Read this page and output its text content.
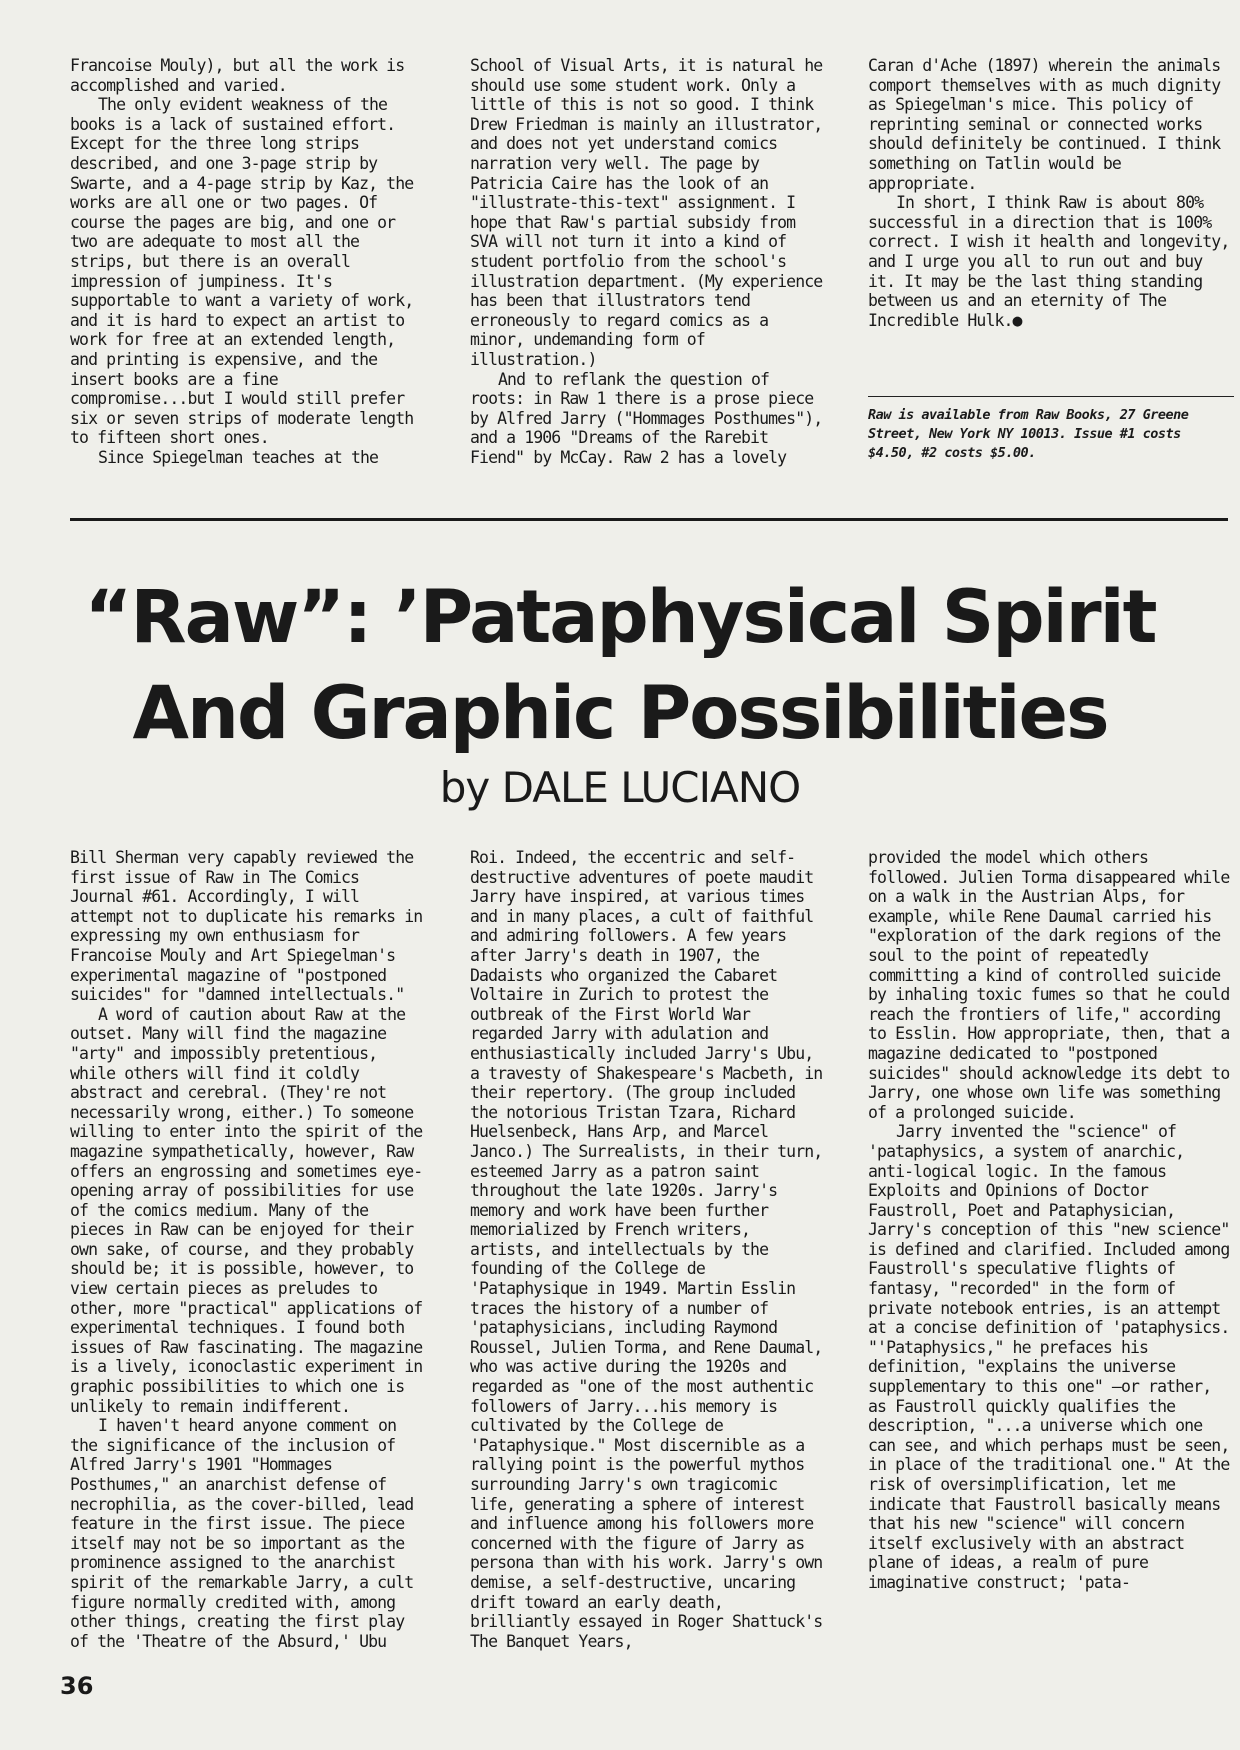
Francoise Mouly), but all the work is accomplished and varied.

The only evident weakness of the books is a lack of sustained effort. Except for the three long strips described, and one 3-page strip by Swarte, and a 4-page strip by Kaz, the works are all one or two pages. Of course the pages are big, and one or two are adequate to most all the strips, but there is an overall impression of jumpiness. It's supportable to want a variety of work, and it is hard to expect an artist to work for free at an extended length, and printing is expensive, and the insert books are a fine compromise...but I would still prefer six or seven strips of moderate length to fifteen short ones.

Since Spiegelman teaches at the

School of Visual Arts, it is natural he should use some student work. Only a little of this is not so good. I think Drew Friedman is mainly an illustrator, and does not yet understand comics narration very well. The page by Patricia Caire has the look of an "illustrate-this-text" assignment. I hope that Raw's partial subsidy from SVA will not turn it into a kind of student portfolio from the school's illustration department. (My experience has been that illustrators tend erroneously to regard comics as a minor, undemanding form of illustration.)

And to reflank the question of roots: in Raw 1 there is a prose piece by Alfred Jarry ("Hommages Posthumes"), and a 1906 "Dreams of the Rarebit Fiend" by McCay. Raw 2 has a lovely

Caran d'Ache (1897) wherein the animals comport themselves with as much dignity as Spiegelman's mice. This policy of reprinting seminal or connected works should definitely be continued. I think something on Tatlin would be appropriate.

In short, I think Raw is about 80% successful in a direction that is 100% correct. I wish it health and longevity, and I urge you all to run out and buy it. It may be the last thing standing between us and an eternity of The Incredible Hulk.●

Raw is available from Raw Books, 27 Greene Street, New York NY 10013. Issue #1 costs $4.50, #2 costs $5.00.
“Raw”: ’Pataphysical Spirit
And Graphic Possibilities
by DALE LUCIANO

Bill Sherman very capably reviewed the first issue of Raw in The Comics Journal #61. Accordingly, I will attempt not to duplicate his remarks in expressing my own enthusiasm for Francoise Mouly and Art Spiegelman's experimental magazine of "postponed suicides" for "damned intellectuals."

A word of caution about Raw at the outset. Many will find the magazine "arty" and impossibly pretentious, while others will find it coldly abstract and cerebral. (They're not necessarily wrong, either.) To someone willing to enter into the spirit of the magazine sympathetically, however, Raw offers an engrossing and sometimes eye-opening array of possibilities for use of the comics medium. Many of the pieces in Raw can be enjoyed for their own sake, of course, and they probably should be; it is possible, however, to view certain pieces as preludes to other, more "practical" applications of experimental techniques. I found both issues of Raw fascinating. The magazine is a lively, iconoclastic experiment in graphic possibilities to which one is unlikely to remain indifferent.

I haven't heard anyone comment on the significance of the inclusion of Alfred Jarry's 1901 "Hommages Posthumes," an anarchist defense of necrophilia, as the cover-billed, lead feature in the first issue. The piece itself may not be so important as the prominence assigned to the anarchist spirit of the remarkable Jarry, a cult figure normally credited with, among other things, creating the first play of the 'Theatre of the Absurd,' Ubu

Roi. Indeed, the eccentric and self-destructive adventures of poete maudit Jarry have inspired, at various times and in many places, a cult of faithful and admiring followers. A few years after Jarry's death in 1907, the Dadaists who organized the Cabaret Voltaire in Zurich to protest the outbreak of the First World War regarded Jarry with adulation and enthusiastically included Jarry's Ubu, a travesty of Shakespeare's Macbeth, in their repertory. (The group included the notorious Tristan Tzara, Richard Huelsenbeck, Hans Arp, and Marcel Janco.) The Surrealists, in their turn, esteemed Jarry as a patron saint throughout the late 1920s. Jarry's memory and work have been further memorialized by French writers, artists, and intellectuals by the founding of the College de 'Pataphysique in 1949. Martin Esslin traces the history of a number of 'pataphysicians, including Raymond Roussel, Julien Torma, and Rene Daumal, who was active during the 1920s and regarded as "one of the most authentic followers of Jarry...his memory is cultivated by the College de 'Pataphysique." Most discernible as a rallying point is the powerful mythos surrounding Jarry's own tragicomic life, generating a sphere of interest and influence among his followers more concerned with the figure of Jarry as persona than with his work. Jarry's own demise, a self-destructive, uncaring drift toward an early death, brilliantly essayed in Roger Shattuck's The Banquet Years,

provided the model which others followed. Julien Torma disappeared while on a walk in the Austrian Alps, for example, while Rene Daumal carried his "exploration of the dark regions of the soul to the point of repeatedly committing a kind of controlled suicide by inhaling toxic fumes so that he could reach the frontiers of life," according to Esslin. How appropriate, then, that a magazine dedicated to "postponed suicides" should acknowledge its debt to Jarry, one whose own life was something of a prolonged suicide.

Jarry invented the "science" of 'pataphysics, a system of anarchic, anti-logical logic. In the famous Exploits and Opinions of Doctor Faustroll, Poet and Pataphysician, Jarry's conception of this "new science" is defined and clarified. Included among Faustroll's speculative flights of fantasy, "recorded" in the form of private notebook entries, is an attempt at a concise definition of 'pataphysics. "'Pataphysics," he prefaces his definition, "explains the universe supplementary to this one" —or rather, as Faustroll quickly qualifies the description, "...a universe which one can see, and which perhaps must be seen, in place of the traditional one." At the risk of oversimplification, let me indicate that Faustroll basically means that his new "science" will concern itself exclusively with an abstract plane of ideas, a realm of pure imaginative construct; 'pata-

36
